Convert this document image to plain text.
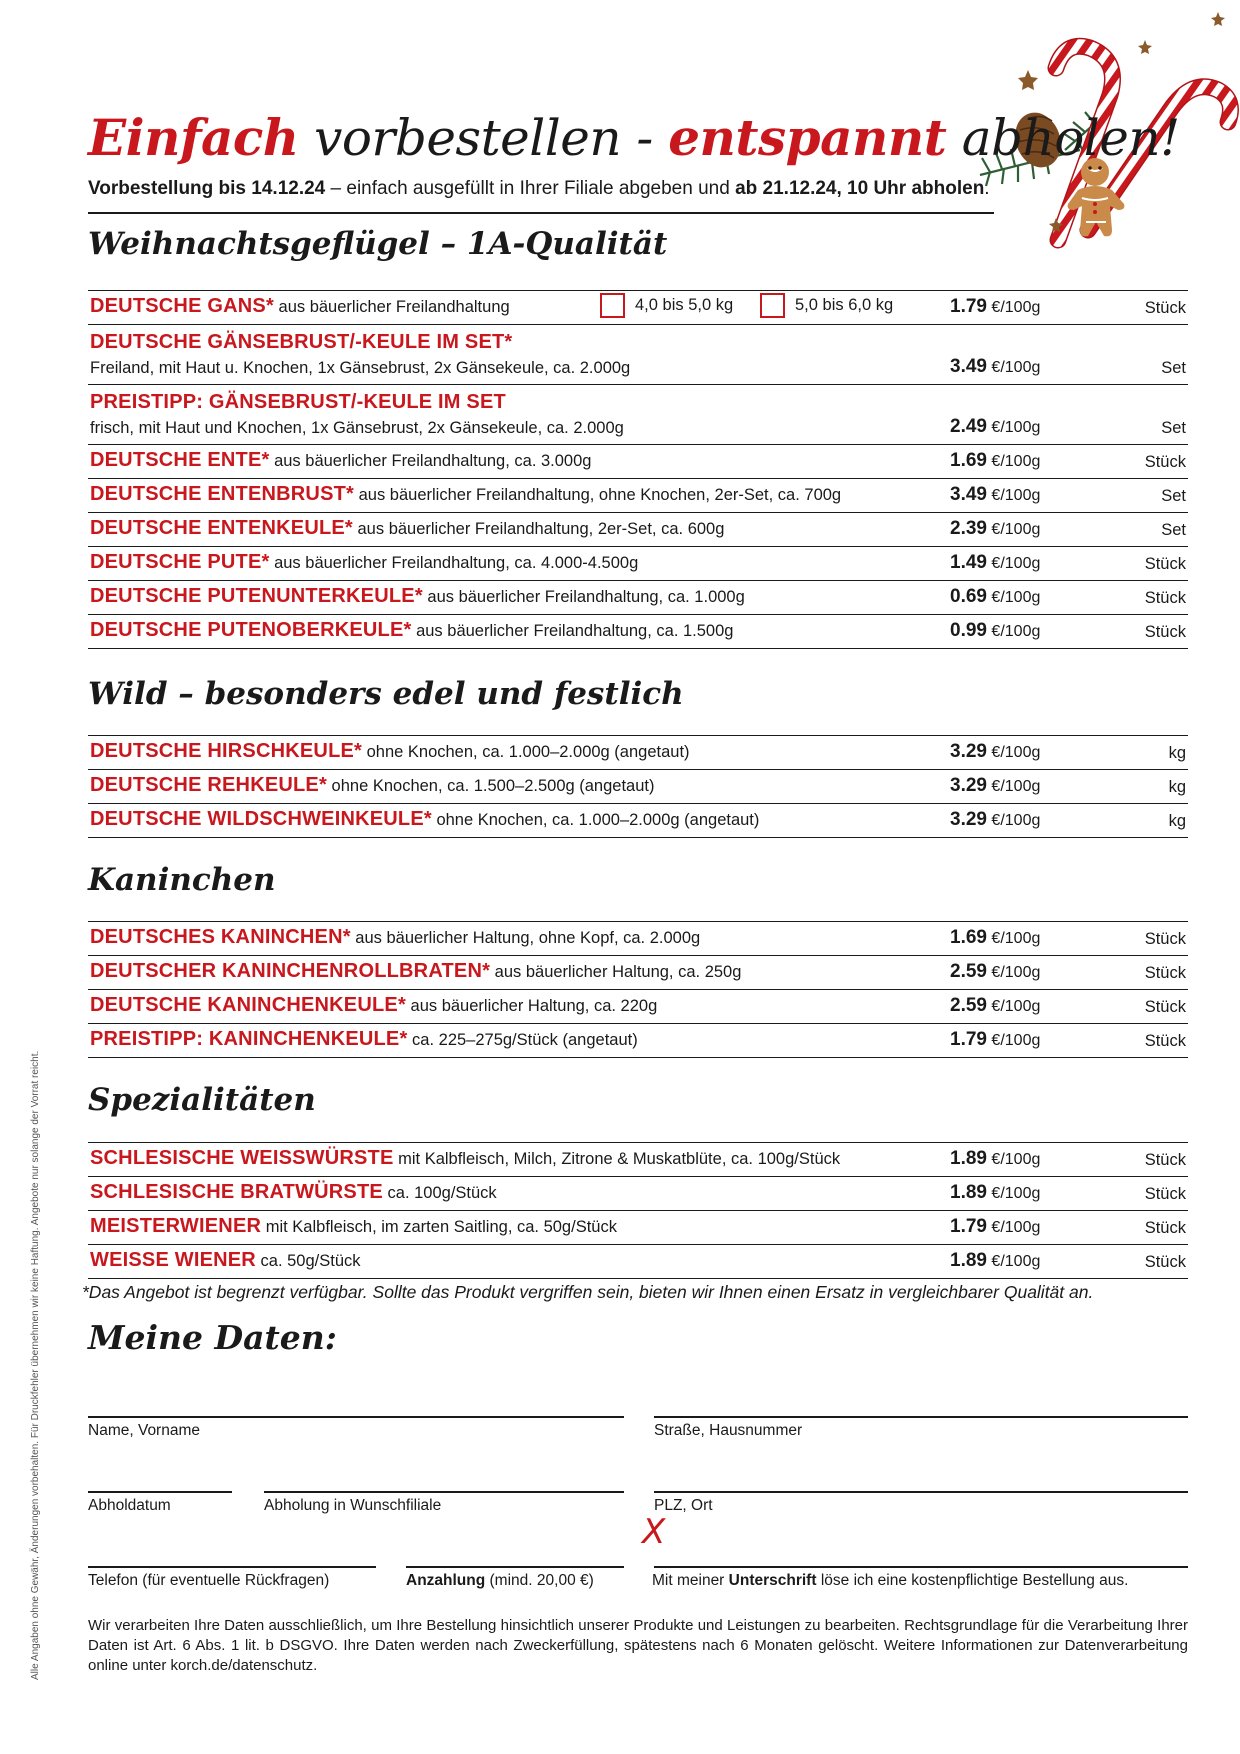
Einfach vorbestellen - entspannt abholen!
Vorbestellung bis 14.12.24 – einfach ausgefüllt in Ihrer Filiale abgeben und ab 21.12.24, 10 Uhr abholen.
Weihnachtsgeflügel – 1A-Qualität
DEUTSCHE GANS* aus bäuerlicher Freilandhaltung	4,0 bis 5,0 kg	5,0 bis 6,0 kg	1.79 €/100g	Stück
DEUTSCHE GÄNSEBRUST/-KEULE IM SET*
Freiland, mit Haut u. Knochen, 1x Gänsebrust, 2x Gänsekeule, ca. 2.000g	3.49 €/100g	Set
PREISTIPP: GÄNSEBRUST/-KEULE IM SET
frisch, mit Haut und Knochen, 1x Gänsebrust, 2x Gänsekeule, ca. 2.000g	2.49 €/100g	Set
DEUTSCHE ENTE* aus bäuerlicher Freilandhaltung, ca. 3.000g	1.69 €/100g	Stück
DEUTSCHE ENTENBRUST* aus bäuerlicher Freilandhaltung, ohne Knochen, 2er-Set, ca. 700g	3.49 €/100g	Set
DEUTSCHE ENTENKEULE* aus bäuerlicher Freilandhaltung, 2er-Set, ca. 600g	2.39 €/100g	Set
DEUTSCHE PUTE* aus bäuerlicher Freilandhaltung, ca. 4.000-4.500g	1.49 €/100g	Stück
DEUTSCHE PUTENUNTERKEULE* aus bäuerlicher Freilandhaltung, ca. 1.000g	0.69 €/100g	Stück
DEUTSCHE PUTENOBERKEULE* aus bäuerlicher Freilandhaltung, ca. 1.500g	0.99 €/100g	Stück
Wild – besonders edel und festlich
DEUTSCHE HIRSCHKEULE* ohne Knochen, ca. 1.000–2.000g (angetaut)	3.29 €/100g	kg
DEUTSCHE REHKEULE* ohne Knochen, ca. 1.500–2.500g (angetaut)	3.29 €/100g	kg
DEUTSCHE WILDSCHWEINKEULE* ohne Knochen, ca. 1.000–2.000g (angetaut)	3.29 €/100g	kg
Kaninchen
DEUTSCHES KANINCHEN* aus bäuerlicher Haltung, ohne Kopf, ca. 2.000g	1.69 €/100g	Stück
DEUTSCHER KANINCHENROLLBRATEN* aus bäuerlicher Haltung, ca. 250g	2.59 €/100g	Stück
DEUTSCHE KANINCHENKEULE* aus bäuerlicher Haltung, ca. 220g	2.59 €/100g	Stück
PREISTIPP: KANINCHENKEULE* ca. 225–275g/Stück (angetaut)	1.79 €/100g	Stück
Spezialitäten
SCHLESISCHE WEISSWÜRSTE mit Kalbfleisch, Milch, Zitrone & Muskatblüte, ca. 100g/Stück	1.89 €/100g	Stück
SCHLESISCHE BRATWÜRSTE ca. 100g/Stück	1.89 €/100g	Stück
MEISTERWIENER mit Kalbfleisch, im zarten Saitling, ca. 50g/Stück	1.79 €/100g	Stück
WEISSE WIENER ca. 50g/Stück	1.89 €/100g	Stück
*Das Angebot ist begrenzt verfügbar. Sollte das Produkt vergriffen sein, bieten wir Ihnen einen Ersatz in vergleichbarer Qualität an.
Meine Daten:
Name, Vorname	Straße, Hausnummer
Abholdatum	Abholung in Wunschfiliale	PLZ, Ort
Telefon (für eventuelle Rückfragen)	Anzahlung (mind. 20,00 €)
X
Mit meiner Unterschrift löse ich eine kostenpflichtige Bestellung aus.
Wir verarbeiten Ihre Daten ausschließlich, um Ihre Bestellung hinsichtlich unserer Produkte und Leistungen zu bearbeiten. Rechtsgrundlage für die Verarbeitung Ihrer Daten ist Art. 6 Abs. 1 lit. b DSGVO. Ihre Daten werden nach Zweckerfüllung, spätestens nach 6 Monaten gelöscht. Weitere Informationen zur Datenverarbeitung online unter korch.de/datenschutz.
Alle Angaben ohne Gewähr, Änderungen vorbehalten. Für Druckfehler übernehmen wir keine Haftung. Angebote nur solange der Vorrat reicht.
